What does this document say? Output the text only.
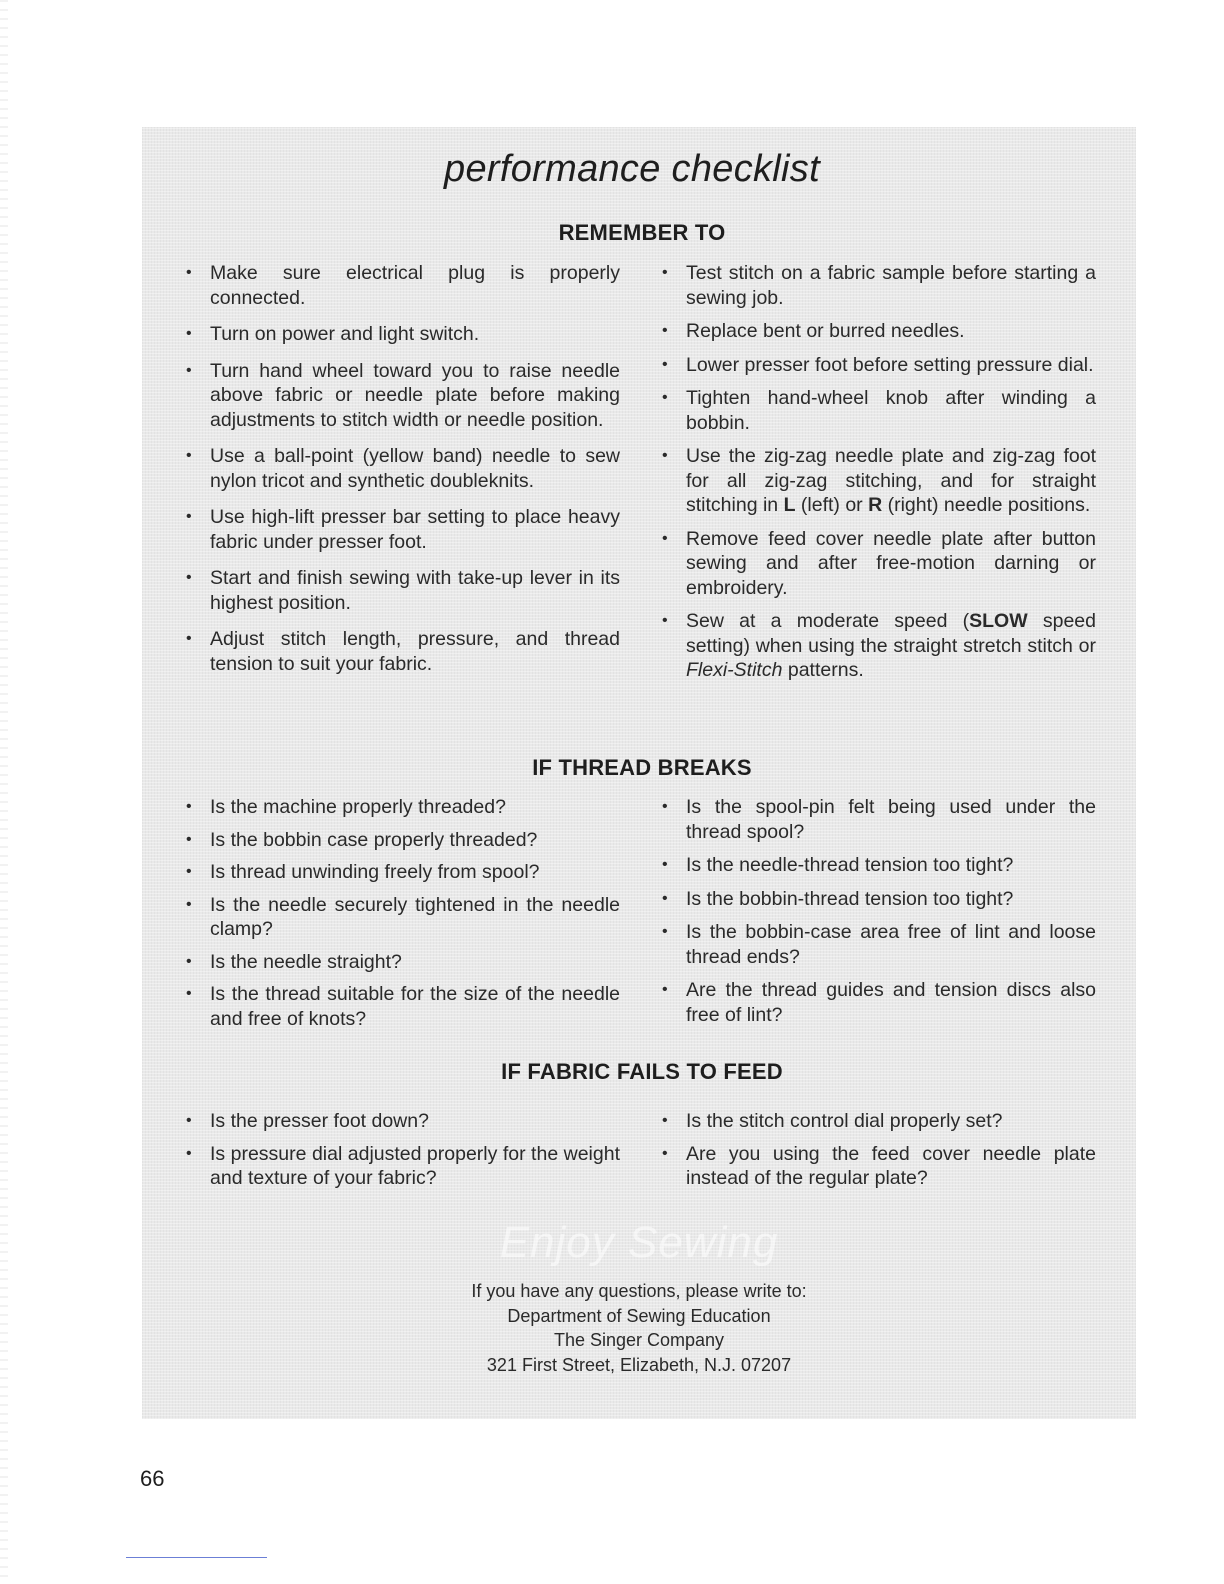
performance checklist
REMEMBER TO
• Make sure electrical plug is properly connected.
• Turn on power and light switch.
• Turn hand wheel toward you to raise needle above fabric or needle plate before making adjustments to stitch width or needle position.
• Use a ball-point (yellow band) needle to sew nylon tricot and synthetic doubleknits.
• Use high-lift presser bar setting to place heavy fabric under presser foot.
• Start and finish sewing with take-up lever in its highest position.
• Adjust stitch length, pressure, and thread tension to suit your fabric.
• Test stitch on a fabric sample before starting a sewing job.
• Replace bent or burred needles.
• Lower presser foot before setting pressure dial.
• Tighten hand-wheel knob after winding a bobbin.
• Use the zig-zag needle plate and zig-zag foot for all zig-zag stitching, and for straight stitching in L (left) or R (right) needle positions.
• Remove feed cover needle plate after button sewing and after free-motion darning or embroidery.
• Sew at a moderate speed (SLOW speed setting) when using the straight stretch stitch or Flexi-Stitch patterns.
IF THREAD BREAKS
• Is the machine properly threaded?
• Is the bobbin case properly threaded?
• Is thread unwinding freely from spool?
• Is the needle securely tightened in the needle clamp?
• Is the needle straight?
• Is the thread suitable for the size of the needle and free of knots?
• Is the spool-pin felt being used under the thread spool?
• Is the needle-thread tension too tight?
• Is the bobbin-thread tension too tight?
• Is the bobbin-case area free of lint and loose thread ends?
• Are the thread guides and tension discs also free of lint?
IF FABRIC FAILS TO FEED
• Is the presser foot down?
• Is pressure dial adjusted properly for the weight and texture of your fabric?
• Is the stitch control dial properly set?
• Are you using the feed cover needle plate instead of the regular plate?
Enjoy Sewing
If you have any questions, please write to:
Department of Sewing Education
The Singer Company
321 First Street, Elizabeth, N.J. 07207
66
